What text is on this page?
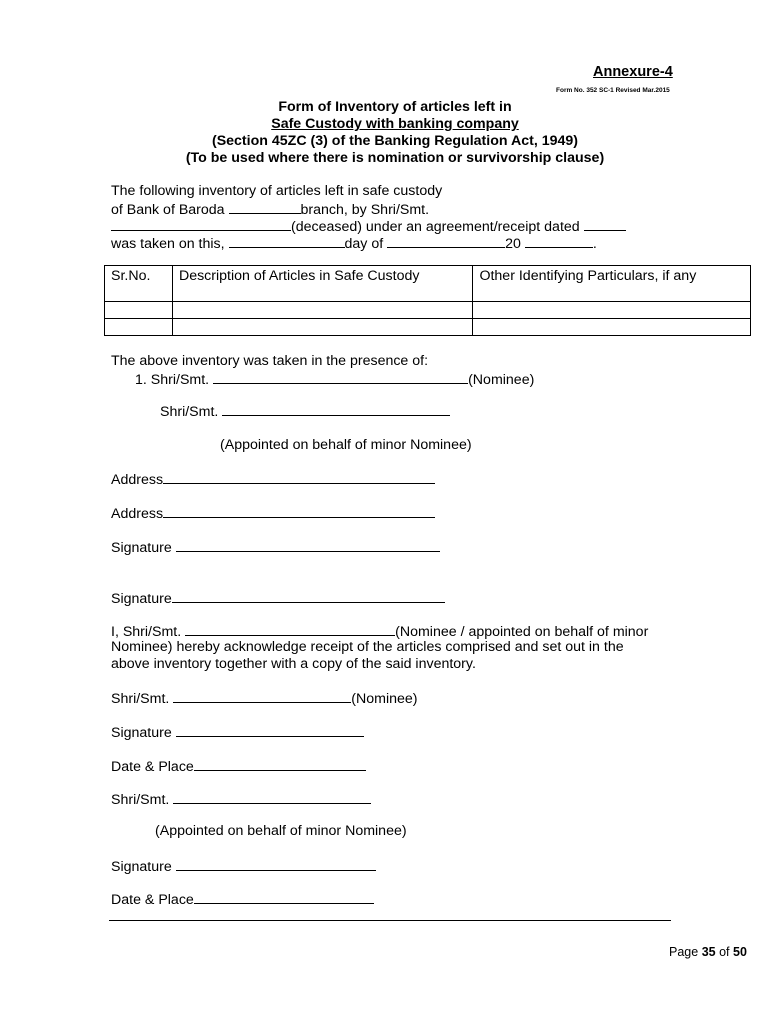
Annexure-4
Form No. 352 SC-1 Revised Mar.2015
Form of Inventory of articles left in
Safe Custody with banking company
(Section 45ZC (3) of the Banking Regulation Act, 1949)
(To be used where there is nomination or survivorship clause)
The following inventory of articles left in safe custody
of Bank of Baroda	branch, by Shri/Smt.
(deceased) under an agreement/receipt dated
was taken on this,	day of	20	.
Sr.No.	Description of Articles in Safe Custody	Other Identifying Particulars, if any

The above inventory was taken in the presence of:
1. Shri/Smt.	(Nominee)
Shri/Smt.
(Appointed on behalf of minor Nominee)
Address
Address
Signature
Signature
I, Shri/Smt.	(Nominee / appointed on behalf of minor
Nominee) hereby acknowledge receipt of the articles comprised and set out in the
above inventory together with a copy of the said inventory.
Shri/Smt.	(Nominee)
Signature
Date & Place
Shri/Smt.
(Appointed on behalf of minor Nominee)
Signature
Date & Place
Page 35 of 50
